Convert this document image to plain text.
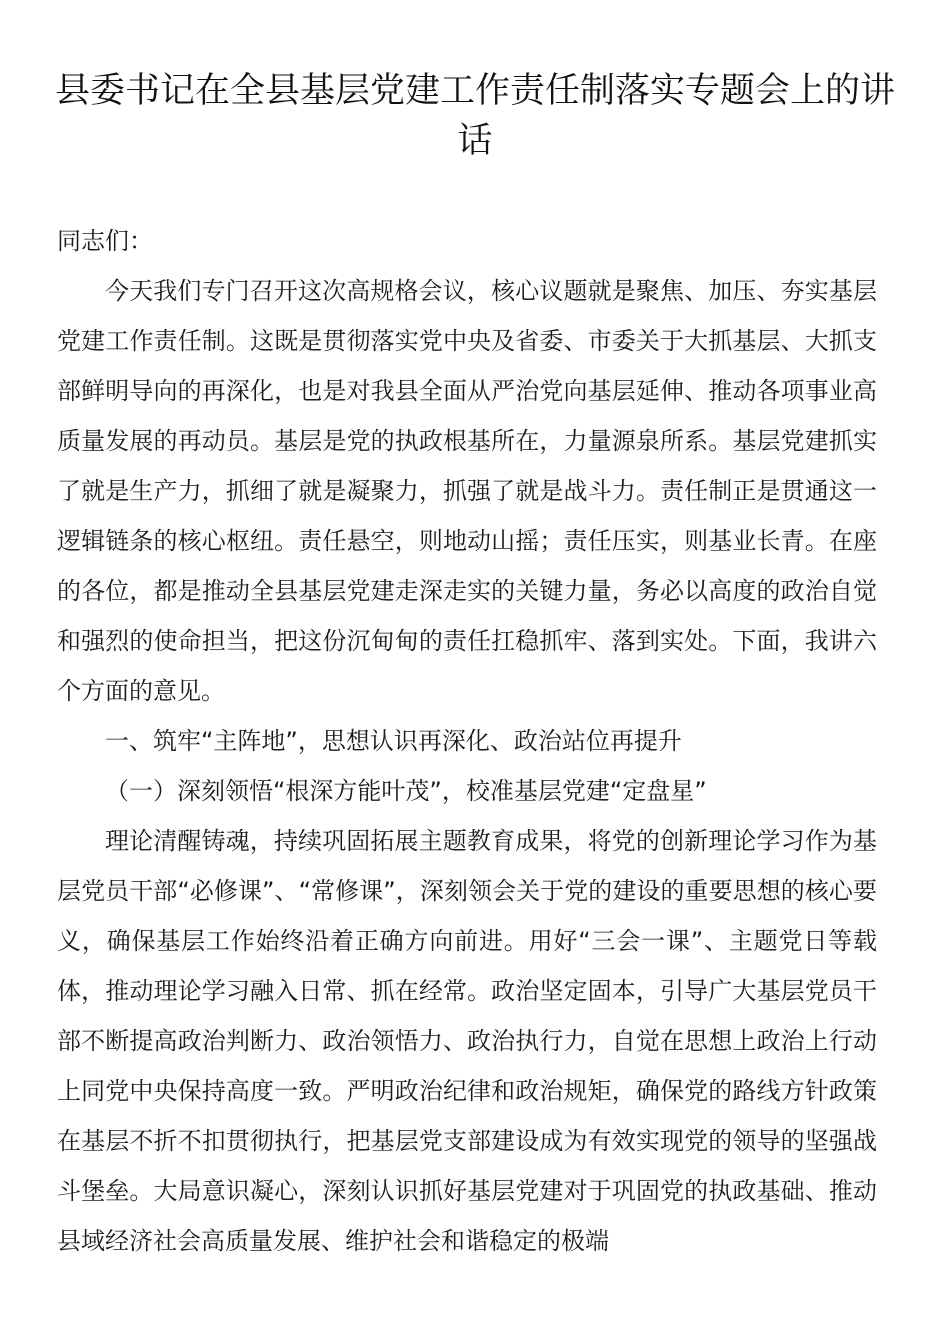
县委书记在全县基层党建工作责任制落实专题会上的讲话

同志们：

今天我们专门召开这次高规格会议，核心议题就是聚焦、加压、夯实基层党建工作责任制。这既是贯彻落实党中央及省委、市委关于大抓基层、大抓支部鲜明导向的再深化，也是对我县全面从严治党向基层延伸、推动各项事业高质量发展的再动员。基层是党的执政根基所在，力量源泉所系。基层党建抓实了就是生产力，抓细了就是凝聚力，抓强了就是战斗力。责任制正是贯通这一逻辑链条的核心枢纽。责任悬空，则地动山摇；责任压实，则基业长青。在座的各位，都是推动全县基层党建走深走实的关键力量，务必以高度的政治自觉和强烈的使命担当，把这份沉甸甸的责任扛稳抓牢、落到实处。下面，我讲六个方面的意见。

一、筑牢“主阵地”，思想认识再深化、政治站位再提升

（一）深刻领悟“根深方能叶茂”，校准基层党建“定盘星”

理论清醒铸魂，持续巩固拓展主题教育成果，将党的创新理论学习作为基层党员干部“必修课”、“常修课”，深刻领会关于党的建设的重要思想的核心要义，确保基层工作始终沿着正确方向前进。用好“三会一课”、主题党日等载体，推动理论学习融入日常、抓在经常。政治坚定固本，引导广大基层党员干部不断提高政治判断力、政治领悟力、政治执行力，自觉在思想上政治上行动上同党中央保持高度一致。严明政治纪律和政治规矩，确保党的路线方针政策在基层不折不扣贯彻执行，把基层党支部建设成为有效实现党的领导的坚强战斗堡垒。大局意识凝心，深刻认识抓好基层党建对于巩固党的执政基础、推动县域经济社会高质量发展、维护社会和谐稳定的极端
